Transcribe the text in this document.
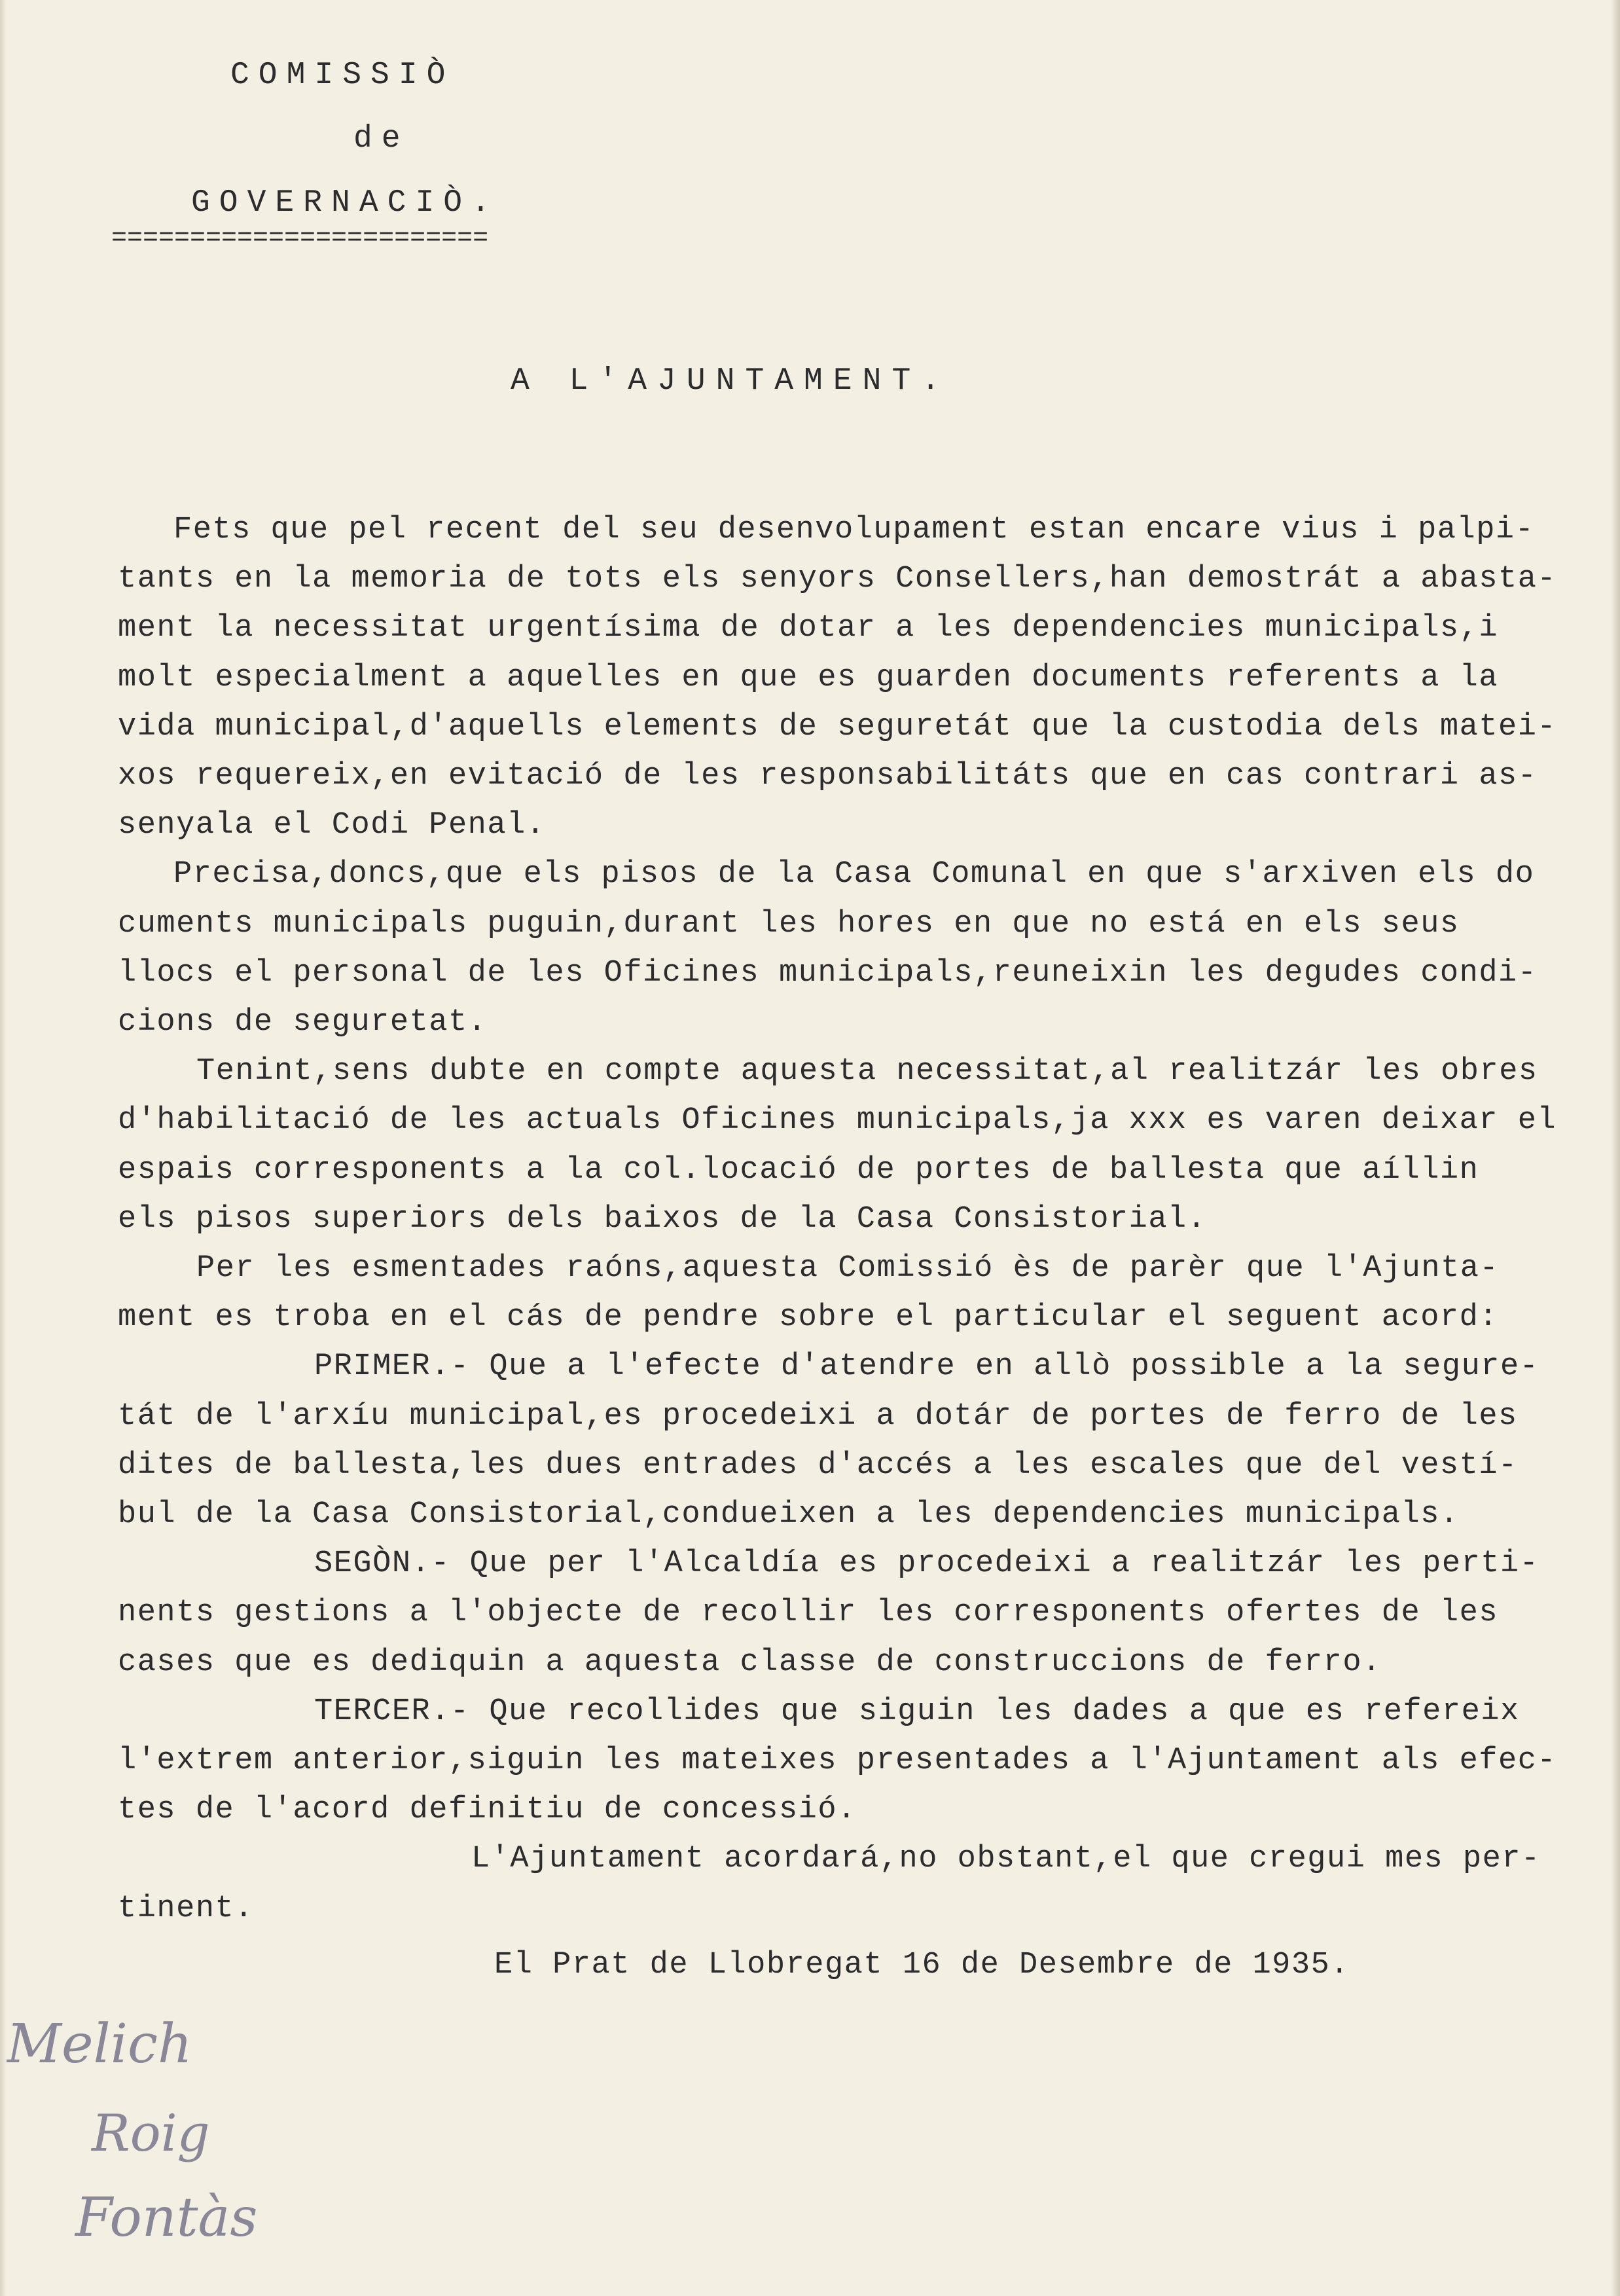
COMISSIÒ
de
GOVERNACIÒ.
========================
A L'AJUNTAMENT.
Fets que pel recent del seu desenvolupament estan encare vius i palpi-
tants en la memoria de tots els senyors Consellers,han demostrát a abasta-
ment la necessitat urgentísima de dotar a les dependencies municipals,i
molt especialment a aquelles en que es guarden documents referents a la
vida municipal,d'aquells elements de seguretát que la custodia dels matei-
xos requereix,en evitació de les responsabilitáts que en cas contrari as-
senyala el Codi Penal.
Precisa,doncs,que els pisos de la Casa Comunal en que s'arxiven els do
cuments municipals puguin,durant les hores en que no está en els seus
llocs el personal de les Oficines municipals,reuneixin les degudes condi-
cions de seguretat.
Tenint,sens dubte en compte aquesta necessitat,al realitzár les obres
d'habilitació de les actuals Oficines municipals,ja xxx es varen deixar el
espais corresponents a la col.locació de portes de ballesta que aíllin
els pisos superiors dels baixos de la Casa Consistorial.
Per les esmentades raóns,aquesta Comissió ès de parèr que l'Ajunta-
ment es troba en el cás de pendre sobre el particular el seguent acord:
PRIMER.- Que a l'efecte d'atendre en allò possible a la segure-
tát de l'arxíu municipal,es procedeixi a dotár de portes de ferro de les
dites de ballesta,les dues entrades d'accés a les escales que del vestí-
bul de la Casa Consistorial,condueixen a les dependencies municipals.
SEGÒN.- Que per l'Alcaldía es procedeixi a realitzár les perti-
nents gestions a l'objecte de recollir les corresponents ofertes de les
cases que es dediquin a aquesta classe de construccions de ferro.
TERCER.- Que recollides que siguin les dades a que es refereix
l'extrem anterior,siguin les mateixes presentades a l'Ajuntament als efec-
tes de l'acord definitiu de concessió.
L'Ajuntament acordará,no obstant,el que cregui mes per-
tinent.
El Prat de Llobregat 16 de Desembre de 1935.
Melich
Roig
Fontàs
